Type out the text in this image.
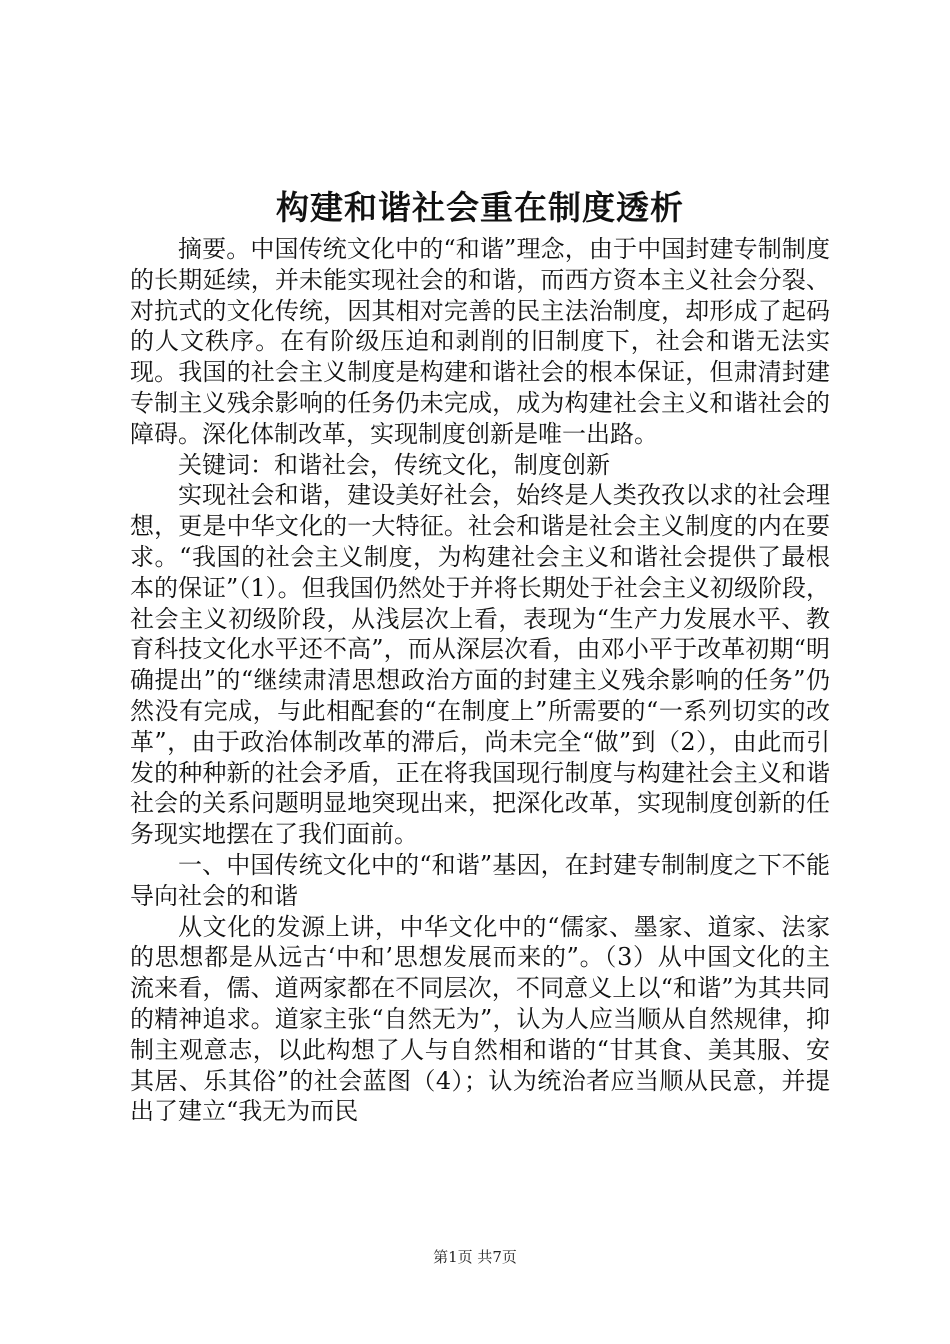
构建和谐社会重在制度透析

摘要。中国传统文化中的“和谐”理念，由于中国封建专制制度的长期延续，并未能实现社会的和谐，而西方资本主义社会分裂、对抗式的文化传统，因其相对完善的民主法治制度，却形成了起码的人文秩序。在有阶级压迫和剥削的旧制度下，社会和谐无法实现。我国的社会主义制度是构建和谐社会的根本保证，但肃清封建专制主义残余影响的任务仍未完成，成为构建社会主义和谐社会的障碍。深化体制改革，实现制度创新是唯一出路。

关键词：和谐社会，传统文化，制度创新

实现社会和谐，建设美好社会，始终是人类孜孜以求的社会理想，更是中华文化的一大特征。社会和谐是社会主义制度的内在要求。“我国的社会主义制度，为构建社会主义和谐社会提供了最根本的保证”（1）。但我国仍然处于并将长期处于社会主义初级阶段，社会主义初级阶段，从浅层次上看，表现为“生产力发展水平、教育科技文化水平还不高”，而从深层次看，由邓小平于改革初期“明确提出”的“继续肃清思想政治方面的封建主义残余影响的任务”仍然没有完成，与此相配套的“在制度上”所需要的“一系列切实的改革”，由于政治体制改革的滞后，尚未完全“做”到（2），由此而引发的种种新的社会矛盾，正在将我国现行制度与构建社会主义和谐社会的关系问题明显地突现出来，把深化改革，实现制度创新的任务现实地摆在了我们面前。

一、中国传统文化中的“和谐”基因，在封建专制制度之下不能导向社会的和谐

从文化的发源上讲，中华文化中的“儒家、墨家、道家、法家的思想都是从远古‘中和’思想发展而来的”。（3）从中国文化的主流来看，儒、道两家都在不同层次，不同意义上以“和谐”为其共同的精神追求。道家主张“自然无为”，认为人应当顺从自然规律，抑制主观意志，以此构想了人与自然相和谐的“甘其食、美其服、安其居、乐其俗”的社会蓝图（4）；认为统治者应当顺从民意，并提出了建立“我无为而民

第1页 共7页
